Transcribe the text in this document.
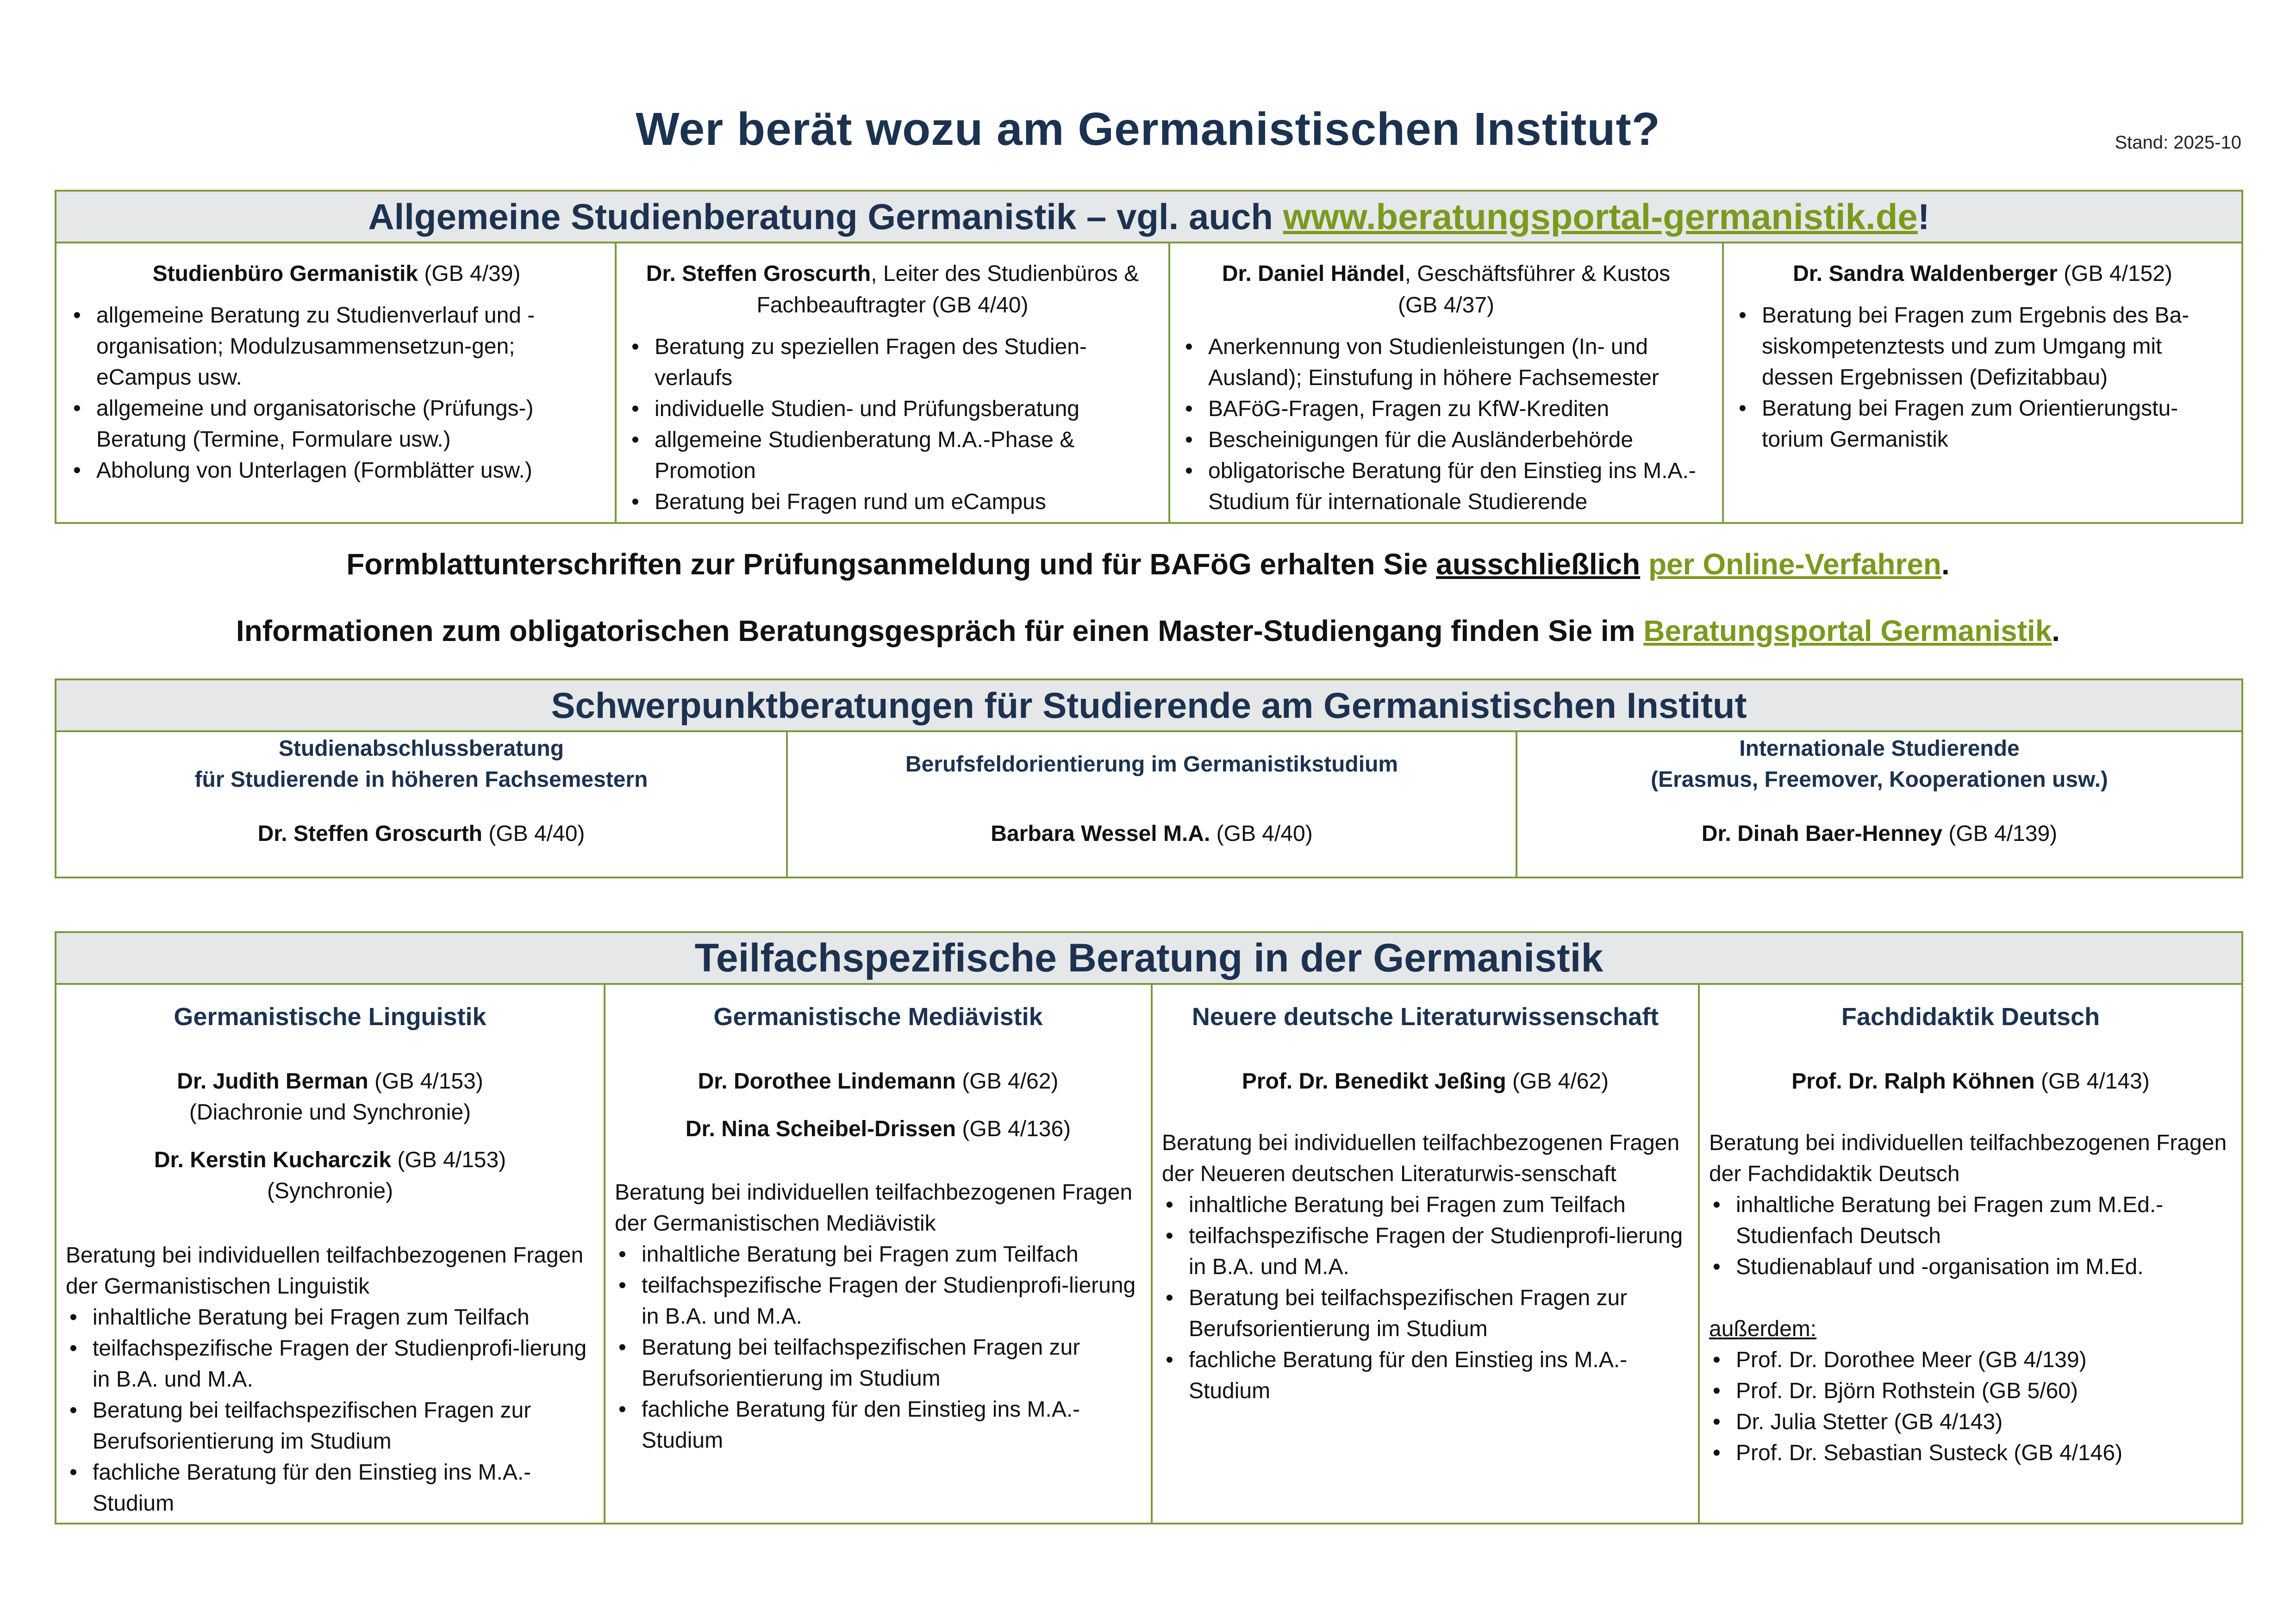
Wer berät wozu am Germanistischen Institut?	Stand: 2025-10
Allgemeine Studienberatung Germanistik – vgl. auch www.beratungsportal-germanistik.de!
Studienbüro Germanistik (GB 4/39)
• allgemeine Beratung zu Studienverlauf und -organisation; Modulzusammensetzun-gen; eCampus usw.
• allgemeine und organisatorische (Prüfungs-) Beratung (Termine, Formulare usw.)
• Abholung von Unterlagen (Formblätter usw.)
Dr. Steffen Groscurth, Leiter des Studienbüros & Fachbeauftragter (GB 4/40)
• Beratung zu speziellen Fragen des Studien-verlaufs
• individuelle Studien- und Prüfungsberatung
• allgemeine Studienberatung M.A.-Phase & Promotion
• Beratung bei Fragen rund um eCampus
Dr. Daniel Händel, Geschäftsführer & Kustos (GB 4/37)
• Anerkennung von Studienleistungen (In- und Ausland); Einstufung in höhere Fachsemester
• BAFöG-Fragen, Fragen zu KfW-Krediten
• Bescheinigungen für die Ausländerbehörde
• obligatorische Beratung für den Einstieg ins M.A.-Studium für internationale Studierende
Dr. Sandra Waldenberger (GB 4/152)
• Beratung bei Fragen zum Ergebnis des Ba-siskompetenztests und zum Umgang mit dessen Ergebnissen (Defizitabbau)
• Beratung bei Fragen zum Orientierungstu-torium Germanistik
Formblattunterschriften zur Prüfungsanmeldung und für BAFöG erhalten Sie ausschließlich per Online-Verfahren.
Informationen zum obligatorischen Beratungsgespräch für einen Master-Studiengang finden Sie im Beratungsportal Germanistik.
Schwerpunktberatungen für Studierende am Germanistischen Institut
Studienabschlussberatung
für Studierende in höheren Fachsemestern
Dr. Steffen Groscurth (GB 4/40)
Berufsfeldorientierung im Germanistikstudium
Barbara Wessel M.A. (GB 4/40)
Internationale Studierende
(Erasmus, Freemover, Kooperationen usw.)
Dr. Dinah Baer-Henney (GB 4/139)
Teilfachspezifische Beratung in der Germanistik
Germanistische Linguistik
Dr. Judith Berman (GB 4/153)
(Diachronie und Synchronie)
Dr. Kerstin Kucharczik (GB 4/153)
(Synchronie)
Beratung bei individuellen teilfachbezogenen Fragen der Germanistischen Linguistik
• inhaltliche Beratung bei Fragen zum Teilfach
• teilfachspezifische Fragen der Studienprofi-lierung in B.A. und M.A.
• Beratung bei teilfachspezifischen Fragen zur Berufsorientierung im Studium
• fachliche Beratung für den Einstieg ins M.A.-Studium
Germanistische Mediävistik
Dr. Dorothee Lindemann (GB 4/62)
Dr. Nina Scheibel-Drissen (GB 4/136)
Beratung bei individuellen teilfachbezogenen Fragen der Germanistischen Mediävistik
• inhaltliche Beratung bei Fragen zum Teilfach
• teilfachspezifische Fragen der Studienprofi-lierung in B.A. und M.A.
• Beratung bei teilfachspezifischen Fragen zur Berufsorientierung im Studium
• fachliche Beratung für den Einstieg ins M.A.-Studium
Neuere deutsche Literaturwissenschaft
Prof. Dr. Benedikt Jeßing (GB 4/62)
Beratung bei individuellen teilfachbezogenen Fragen der Neueren deutschen Literaturwis-senschaft
• inhaltliche Beratung bei Fragen zum Teilfach
• teilfachspezifische Fragen der Studienprofi-lierung in B.A. und M.A.
• Beratung bei teilfachspezifischen Fragen zur Berufsorientierung im Studium
• fachliche Beratung für den Einstieg ins M.A.-Studium
Fachdidaktik Deutsch
Prof. Dr. Ralph Köhnen (GB 4/143)
Beratung bei individuellen teilfachbezogenen Fragen der Fachdidaktik Deutsch
• inhaltliche Beratung bei Fragen zum M.Ed.-Studienfach Deutsch
• Studienablauf und -organisation im M.Ed.
außerdem:
• Prof. Dr. Dorothee Meer (GB 4/139)
• Prof. Dr. Björn Rothstein (GB 5/60)
• Dr. Julia Stetter (GB 4/143)
• Prof. Dr. Sebastian Susteck (GB 4/146)
